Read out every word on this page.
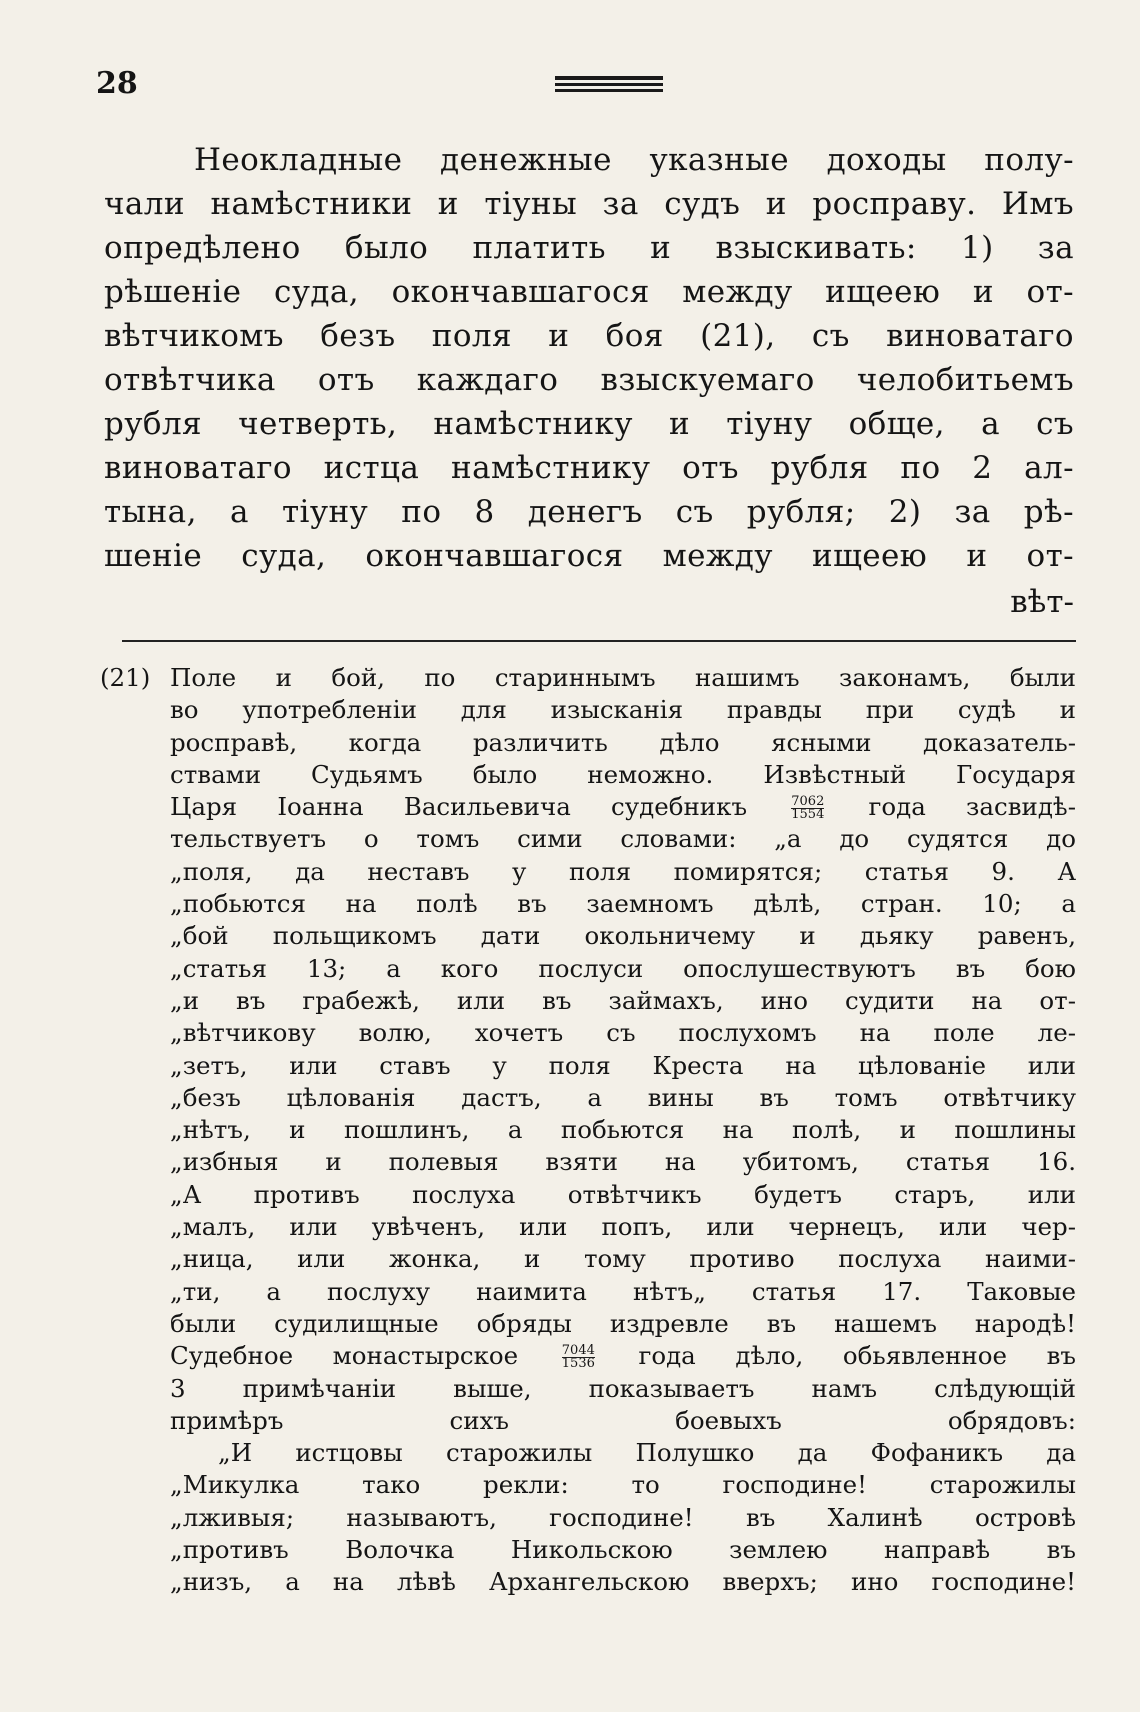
28
Неокладные денежные указные доходы полу-
чали намѣстники и тiуны за судъ и росправу. Имъ
опредѣлено было платить и взыскивать: 1) за
рѣшенiе суда, окончавшагося между ищеею и от-
вѣтчикомъ безъ поля и боя (21), съ виноватаго
отвѣтчика отъ каждаго взыскуемаго челобитьемъ
рубля четверть, намѣстнику и тiуну обще, а съ
виноватаго истца намѣстнику отъ рубля по 2 ал-
тына, а тiуну по 8 денегъ съ рубля; 2) за рѣ-
шенiе суда, окончавшагося между ищеею и от-
вѣт-
(21) Поле и бой, по стариннымъ нашимъ законамъ, были
во употребленiи для изысканiя правды при судѣ и
росправѣ, когда различить дѣло ясными доказатель-
ствами Судьямъ было неможно. Извѣстный Государя
Царя Iоанна Васильевича судебникъ	$\frac{7062}{1554}$ года засвидѣ-
тельствуетъ о томъ сими словами: „а до судятся до
„поля, да неставъ у поля помирятся; статья 9. А
„побьются на полѣ въ заемномъ дѣлѣ, стран. 10; а
„бой польщикомъ дати окольничему и дьяку равенъ,
„статья 13; а кого послуси опослушествуютъ въ бою
„и въ грабежѣ, или въ займахъ, ино судити на от-
„вѣтчикову волю, хочетъ съ послухомъ на поле ле-
„зетъ, или ставъ у поля Креста на цѣлованiе или
„безъ цѣлованiя дастъ, а вины въ томъ отвѣтчику
„нѣтъ, и пошлинъ, а побьются на полѣ, и пошлины
„избныя и полевыя взяти на убитомъ, статья 16.
„А противъ послуха отвѣтчикъ будетъ старъ, или
„малъ, или увѣченъ, или попъ, или чернецъ, или чер-
„ница, или жонка, и тому противо послуха наими-
„ти, а послуху наимита нѣтъ„ статья 17. Таковые
были судилищные обряды издревле въ нашемъ народѣ!
Судебное монастырское	$\frac{7044}{1536}$ года дѣло, обьявленное въ
3 примѣчанiи выше, показываетъ намъ слѣдующiй
примѣръ сихъ боевыхъ обрядовъ:
„И истцовы старожилы Полушко да Фофаникъ да
„Микулка тако рекли: то господине! старожилы
„лживыя; называютъ, господине! въ Халинѣ островѣ
„противъ Волочка Никольскою землею направѣ въ
„низъ, а на лѣвѣ Архангельскою вверхъ; ино господине!
